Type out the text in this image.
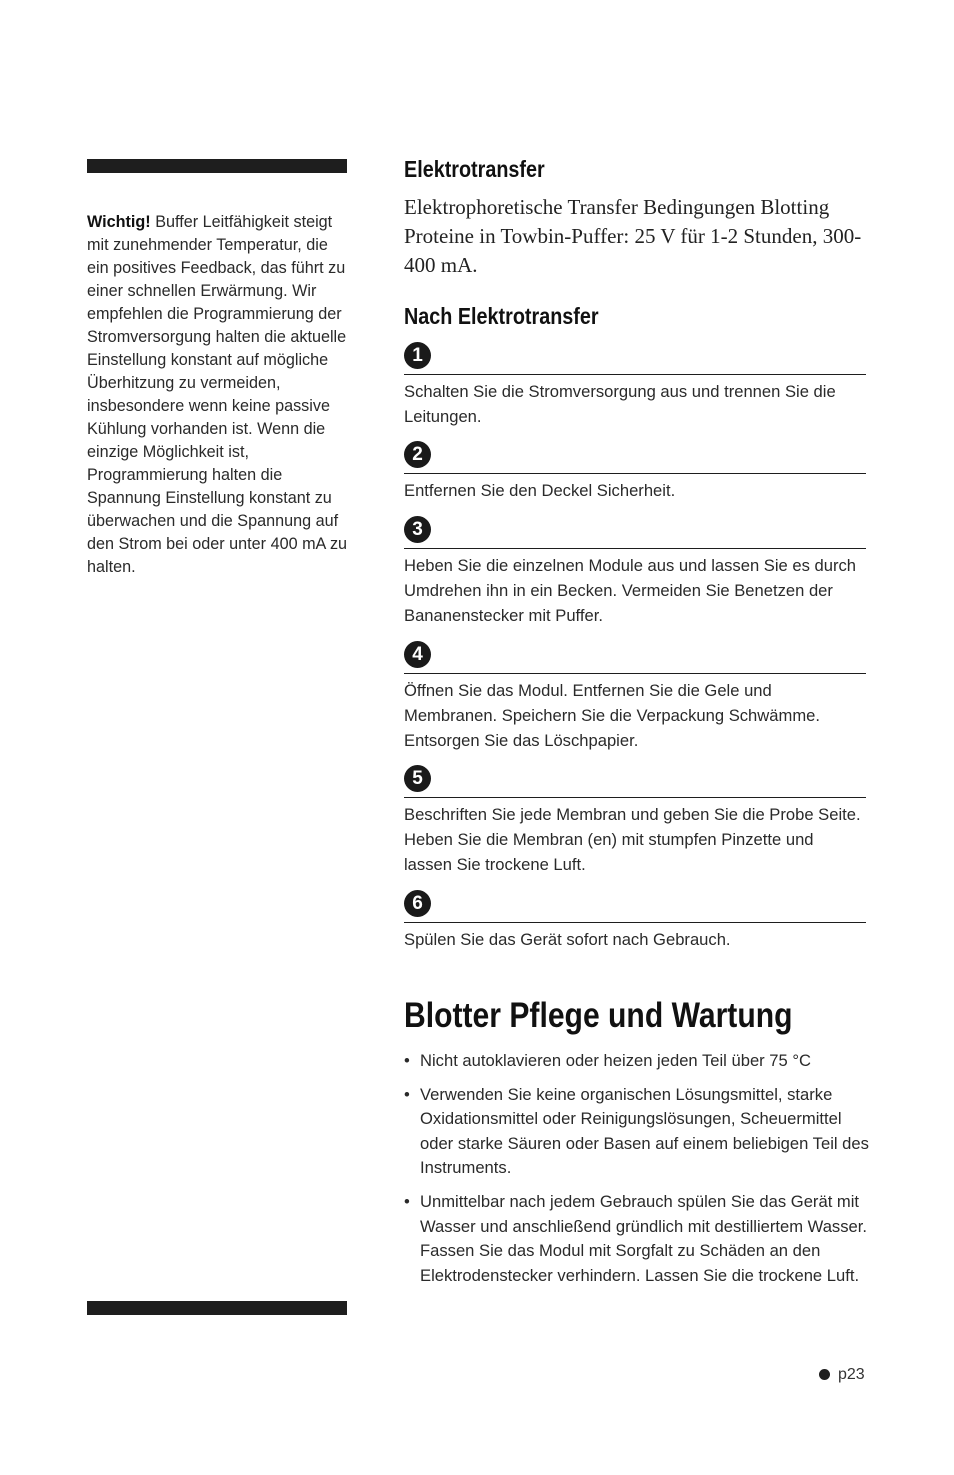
Wichtig! Buffer Leitfähigkeit steigt mit zunehmender Temperatur, die ein positives Feedback, das führt zu einer schnellen Erwärmung. Wir empfehlen die Programmierung der Stromversorgung halten die aktuelle Einstellung konstant auf mögliche Überhitzung zu vermeiden, insbesondere wenn keine passive Kühlung vorhanden ist. Wenn die einzige Möglichkeit ist, Programmierung halten die Spannung Einstellung konstant zu überwachen und die Spannung auf den Strom bei oder unter 400 mA zu halten.
Elektrotransfer
Elektrophoretische Transfer Bedingungen Blotting Proteine in Towbin-Puffer: 25 V für 1-2 Stunden, 300-400 mA.
Nach Elektrotransfer
1
Schalten Sie die Stromversorgung aus und trennen Sie die Leitungen.
2
Entfernen Sie den Deckel Sicherheit.
3
Heben Sie die einzelnen Module aus und lassen Sie es durch Umdrehen ihn in ein Becken. Vermeiden Sie Benetzen der Bananenstecker mit Puffer.
4
Öffnen Sie das Modul. Entfernen Sie die Gele und Membranen. Speichern Sie die Verpackung Schwämme. Entsorgen Sie das Löschpapier.
5
Beschriften Sie jede Membran und geben Sie die Probe Seite. Heben Sie die Membran (en) mit stumpfen Pinzette und lassen Sie trockene Luft.
6
Spülen Sie das Gerät sofort nach Gebrauch.
Blotter Pflege und Wartung
• Nicht autoklavieren oder heizen jeden Teil über 75 °C
• Verwenden Sie keine organischen Lösungsmittel, starke Oxidationsmittel oder Reinigungslösungen, Scheuermittel oder starke Säuren oder Basen auf einem beliebigen Teil des Instruments.
• Unmittelbar nach jedem Gebrauch spülen Sie das Gerät mit Wasser und anschließend gründlich mit destilliertem Wasser. Fassen Sie das Modul mit Sorgfalt zu Schäden an den Elektrodenstecker verhindern. Lassen Sie die trockene Luft.
p23
